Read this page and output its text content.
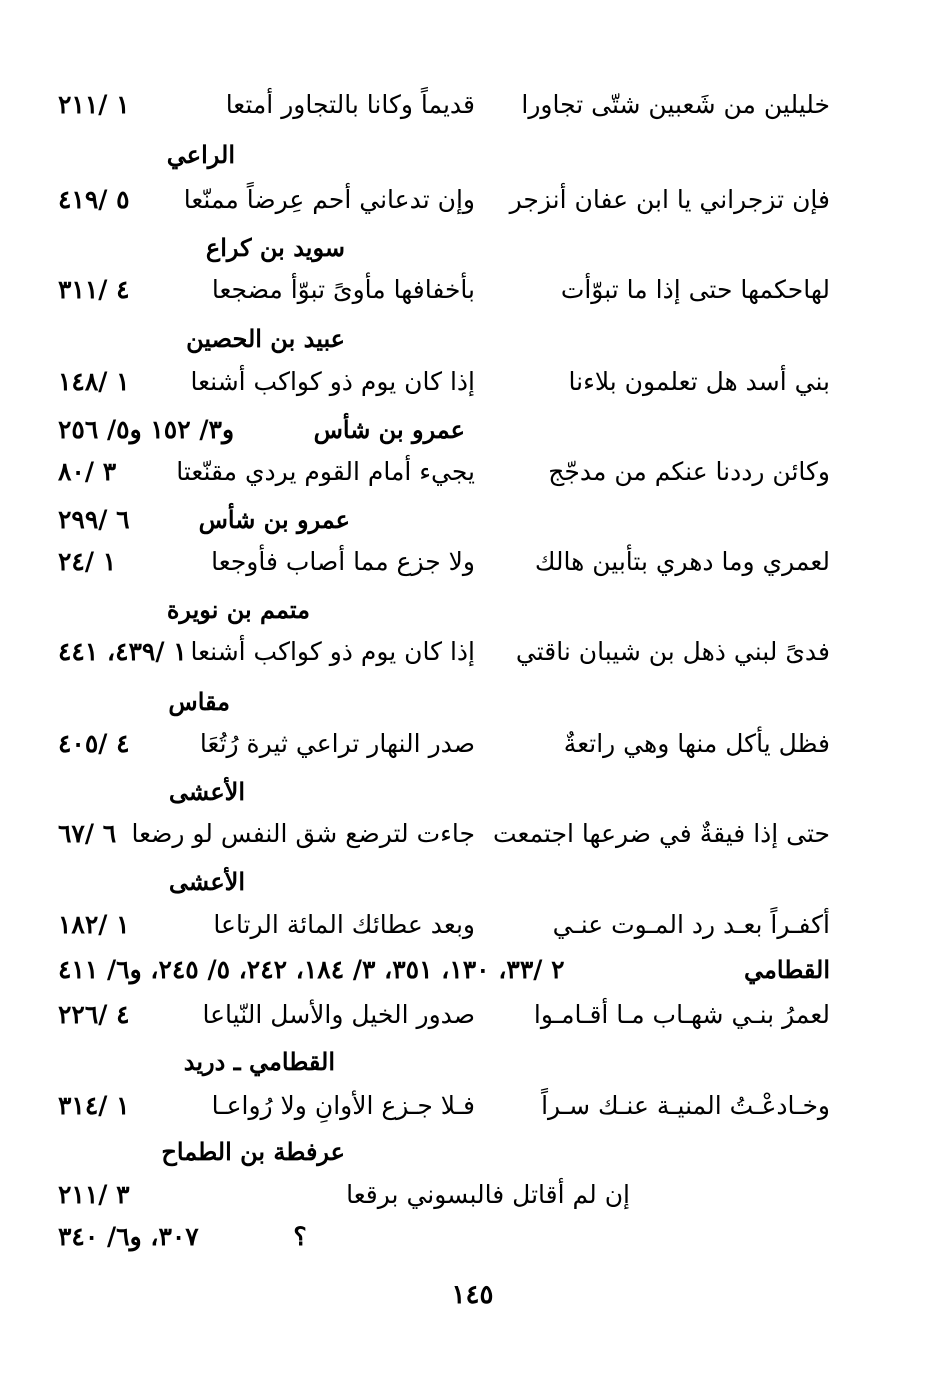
خليلين من شَعبين شتّى تجاورا
قديماً وكانا بالتجاور أمتعا
١ /٢١١
الراعي
فإن تزجراني يا ابن عفان أنزجر
وإن تدعاني أحم عِرضاً ممنّعا
٥ /٤١٩
سويد بن كراع
لهاحكمها حتى إذا ما تبوّأت
بأخفافها مأوىً تبوّأ مضجعا
٤ /٣١١
عبيد بن الحصين
بني أسد هل تعلمون بلاءنا
إذا كان يوم ذو كواكب أشنعا
١ /١٤٨
عمرو بن شأس
و٣/ ١٥٢ و٥/ ٢٥٦
وكائن رددنا عنكم من مدجّج
يجيء أمام القوم يردي مقنّعتا
٣ /٨٠
عمرو بن شأس
٦ /٢٩٩
لعمري وما دهري بتأبين هالك
ولا جزع مما أصاب فأوجعا
١ /٢٤
متمم بن نويرة
فدىً لبني ذهل بن شيبان ناقتي
إذا كان يوم ذو كواكب أشنعا
١ /٤٣٩، ٤٤١
مقاس
فظل يأكل منها وهي راتعةٌ
صدر النهار تراعي ثيرة رُتُعَا
٤ /٤٠٥
الأعشى
حتى إذا فيقةٌ في ضرعها اجتمعت
جاءت لترضع شق النفس لو رضعا
٦ /٦٧
الأعشى
أكفـراً بعـد رد المـوت عنـي
وبعد عطائك المائة الرتاعا
١ /١٨٢
القطامي
٢ /٣٣، ١٣٠، ٣٥١، ٣/ ١٨٤، ٢٤٢، ٥/ ٢٤٥، و٦/ ٤١١
لعمرُ بنـي شهـاب مـا أقـامـوا
صدور الخيل والأسل النّياعا
٤ /٢٢٦
القطامي ـ دريد
وخـادعْـتُ المنيـة عنـك سـراً
فـلا جـزع الأوانِ ولا رُواعـا
١ /٣١٤
عرفطة بن الطماح
إن لم أقاتل فالبسوني برقعا
٣ /٢١١
؟
٣٠٧، و٦/ ٣٤٠
١٤٥
